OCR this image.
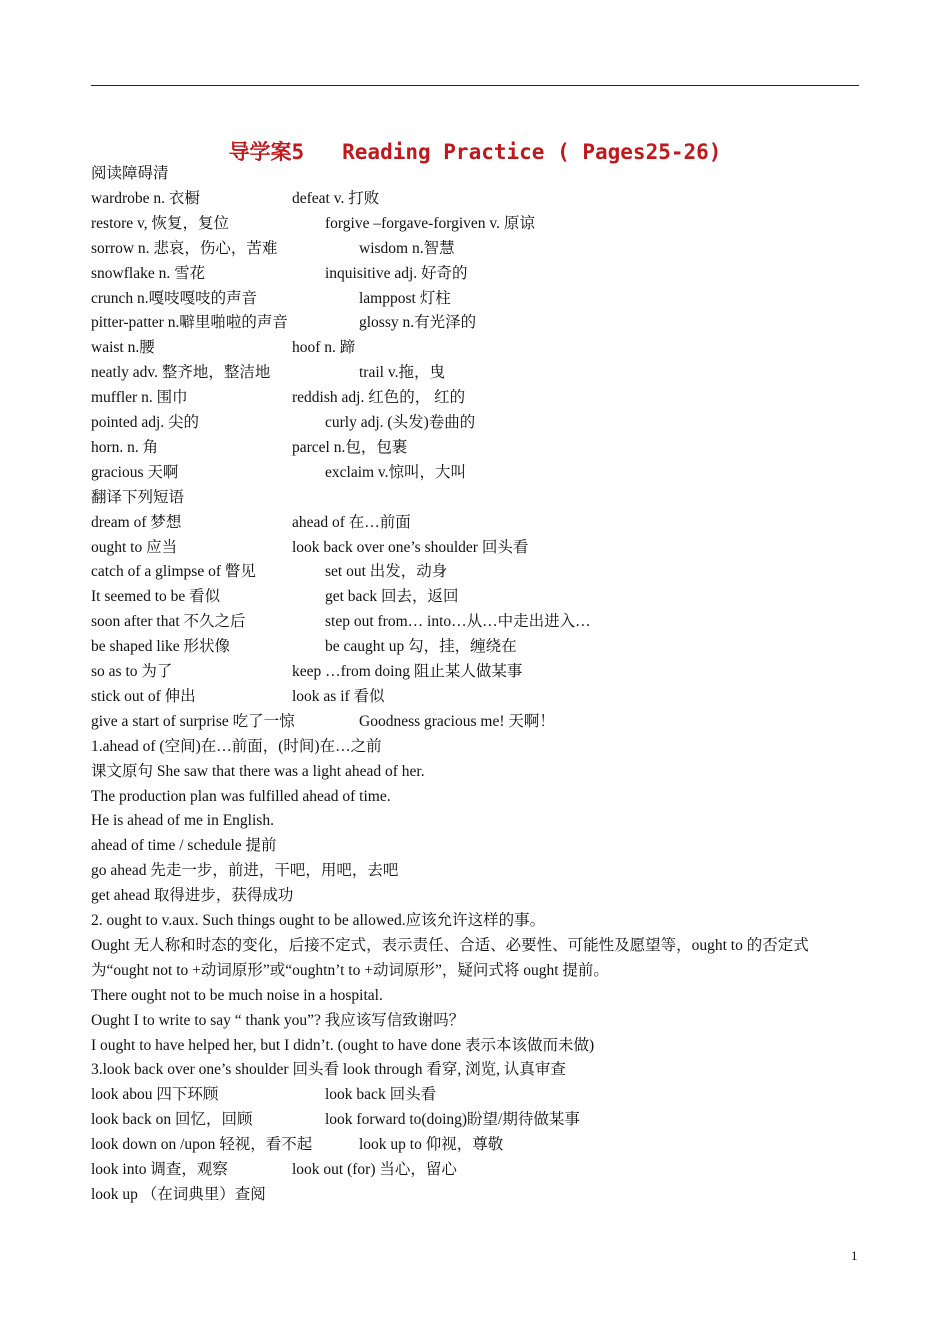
导学案5   Reading Practice ( Pages25-26)
阅读障碍清
wardrobe n. 衣橱	defeat v. 打败
restore v, 恢复，复位	forgive –forgave-forgiven v. 原谅
sorrow n. 悲哀，伤心，苦难	wisdom n.智慧
snowflake n. 雪花	inquisitive adj. 好奇的
crunch n.嘎吱嘎吱的声音	lamppost 灯柱
pitter-patter n.噼里啪啦的声音	glossy n.有光泽的
waist n.腰	hoof n. 蹄
neatly adv. 整齐地，整洁地	trail v.拖，曳
muffler n. 围巾	reddish adj. 红色的， 红的
pointed adj. 尖的	curly adj. (头发)卷曲的
horn. n. 角	parcel n.包，包裹
gracious 天啊	exclaim v.惊叫，大叫
翻译下列短语
dream of 梦想	ahead of 在…前面
ought to 应当	look back over one’s shoulder 回头看
catch of a glimpse of 瞥见	set out 出发，动身
It seemed to be 看似	get back 回去，返回
soon after that 不久之后	step out from… into…从…中走出进入…
be shaped like 形状像	be caught up 勾，挂，缠绕在
so as to 为了	keep …from doing 阻止某人做某事
stick out of 伸出	look as if 看似
give a start of surprise 吃了一惊	Goodness gracious me! 天啊！
1.ahead of (空间)在…前面，(时间)在…之前
课文原句 She saw that there was a light ahead of her.
The production plan was fulfilled ahead of time.
He is ahead of me in English.
ahead of time / schedule 提前
go ahead 先走一步，前进，干吧，用吧，去吧
get ahead 取得进步，获得成功
2. ought to v.aux. Such things ought to be allowed.应该允许这样的事。
Ought 无人称和时态的变化，后接不定式，表示责任、合适、必要性、可能性及愿望等，ought to 的否定式为“ought not to +动词原形”或“oughtn’t to +动词原形”，疑问式将 ought 提前。
There ought not to be much noise in a hospital.
Ought I to write to say “ thank you”? 我应该写信致谢吗？
I ought to have helped her, but I didn’t. (ought to have done 表示本该做而未做)
3.look back over one’s shoulder 回头看 look through 看穿, 浏览, 认真审查
look abou 四下环顾	look back 回头看
look back on 回忆，回顾	look forward to(doing)盼望/期待做某事
look down on /upon 轻视，看不起	look up to 仰视，尊敬
look into 调查，观察	look out (for) 当心，留心
look up （在词典里）查阅
1
